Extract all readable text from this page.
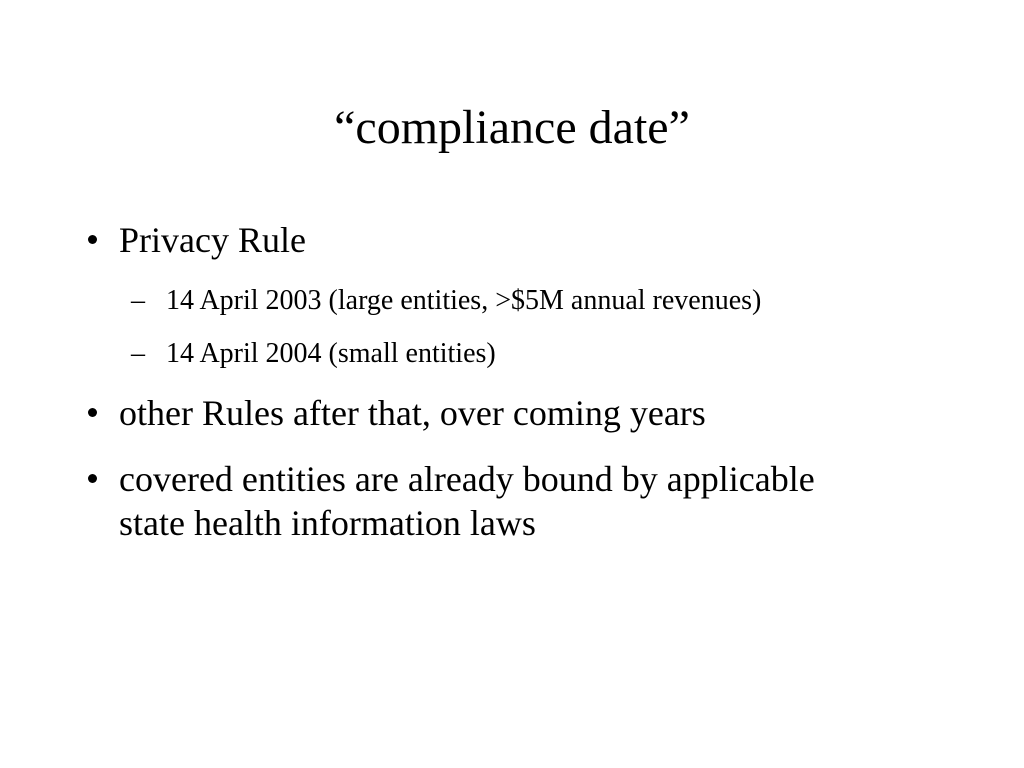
“compliance date”
Privacy Rule
– 14 April 2003 (large entities, >$5M annual revenues)
– 14 April 2004 (small entities)
other Rules after that, over coming years
covered entities are already bound by applicable
state health information laws
